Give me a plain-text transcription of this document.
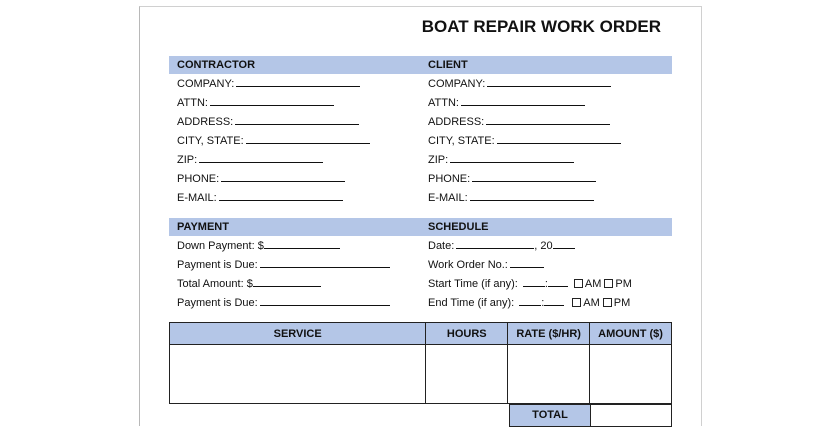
BOAT REPAIR WORK ORDER
CONTRACTOR
COMPANY:
ATTN:
ADDRESS:
CITY, STATE:
ZIP:
PHONE:
E-MAIL:
CLIENT
COMPANY:
ATTN:
ADDRESS:
CITY, STATE:
ZIP:
PHONE:
E-MAIL:
PAYMENT
Down Payment: $
Payment is Due:
Total Amount: $
Payment is Due:
SCHEDULE
Date:	, 20
Work Order No.:
Start Time (if any): :	AM PM
End Time (if any): :	AM PM
SERVICE	HOURS	RATE ($/HR)	AMOUNT ($)

TOTAL
